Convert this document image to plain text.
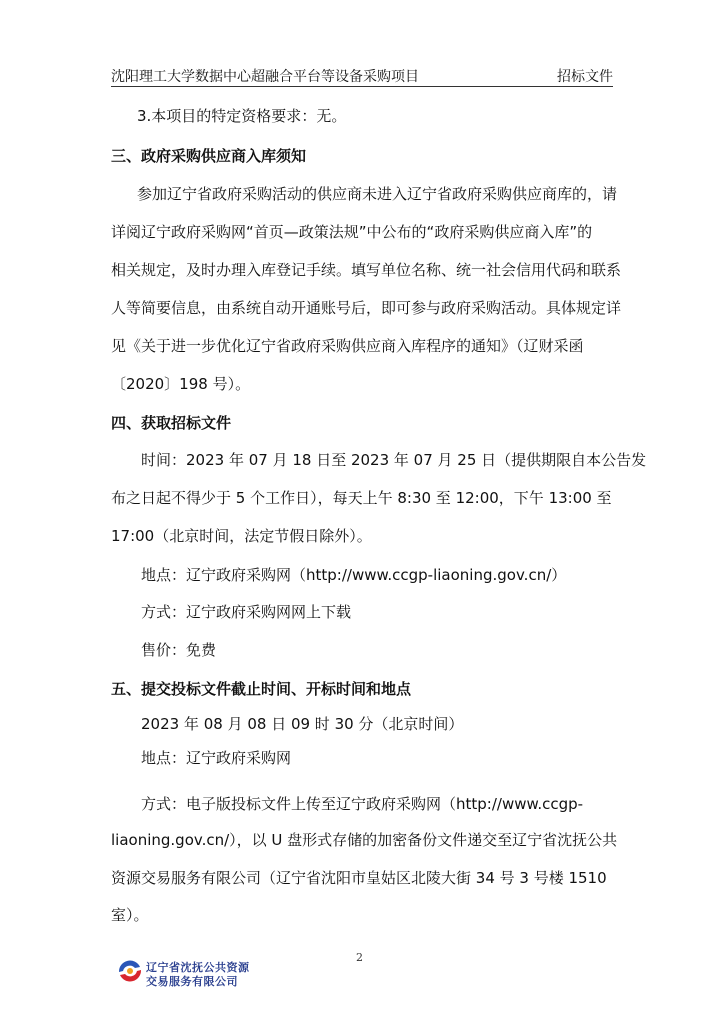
沈阳理工大学数据中心超融合平台等设备采购项目	招标文件
3.本项目的特定资格要求：无。
三、政府采购供应商入库须知
参加辽宁省政府采购活动的供应商未进入辽宁省政府采购供应商库的，请
详阅辽宁政府采购网“首页—政策法规”中公布的“政府采购供应商入库”的
相关规定，及时办理入库登记手续。填写单位名称、统一社会信用代码和联系
人等简要信息，由系统自动开通账号后，即可参与政府采购活动。具体规定详
见《关于进一步优化辽宁省政府采购供应商入库程序的通知》（辽财采函
〔2020〕198 号）。
四、获取招标文件
时间：2023 年 07 月 18 日至 2023 年 07 月 25 日（提供期限自本公告发
布之日起不得少于 5 个工作日），每天上午 8:30 至 12:00，下午 13:00 至
17:00（北京时间，法定节假日除外）。
地点：辽宁政府采购网（http://www.ccgp-liaoning.gov.cn/）
方式：辽宁政府采购网网上下载
售价：免费
五、提交投标文件截止时间、开标时间和地点
2023 年 08 月 08 日 09 时 30 分（北京时间）
地点：辽宁政府采购网
方式：电子版投标文件上传至辽宁政府采购网（http://www.ccgp-
liaoning.gov.cn/），以 U 盘形式存储的加密备份文件递交至辽宁省沈抚公共
资源交易服务有限公司（辽宁省沈阳市皇姑区北陵大街 34 号 3 号楼 1510
室）。
2
辽宁省沈抚公共资源
交易服务有限公司
